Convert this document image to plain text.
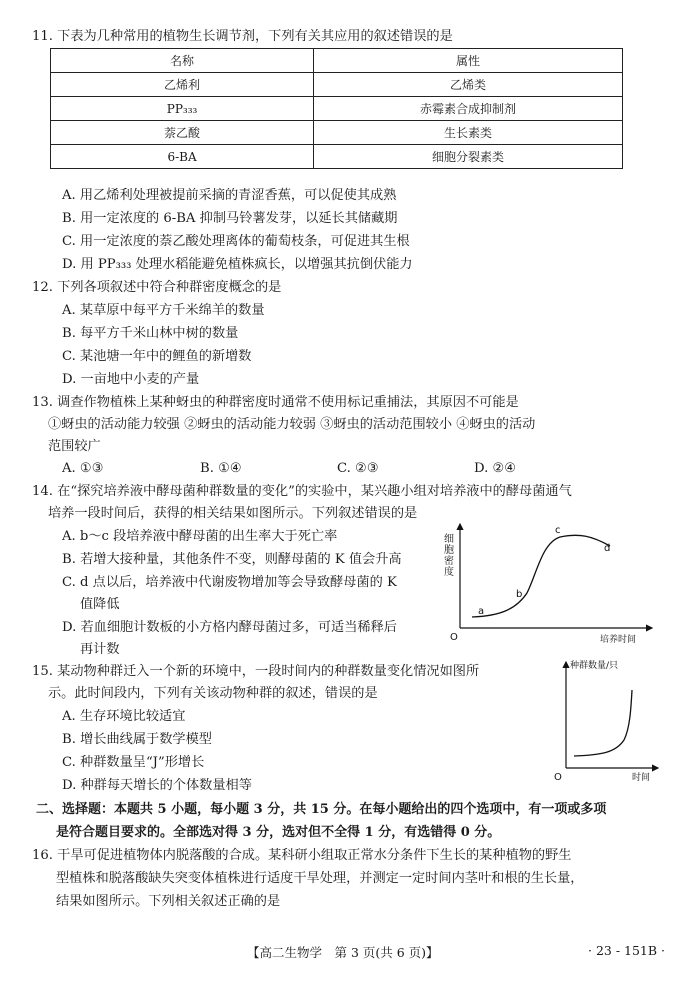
11. 下表为几种常用的植物生长调节剂，下列有关其应用的叙述错误的是
名称	属性
乙烯利	乙烯类
PP₃₃₃	赤霉素合成抑制剂
萘乙酸	生长素类
6-BA	细胞分裂素类
A. 用乙烯利处理被提前采摘的青涩香蕉，可以促使其成熟
B. 用一定浓度的 6-BA 抑制马铃薯发芽，以延长其储藏期
C. 用一定浓度的萘乙酸处理离体的葡萄枝条，可促进其生根
D. 用 PP₃₃₃ 处理水稻能避免植株疯长，以增强其抗倒伏能力
12. 下列各项叙述中符合种群密度概念的是
A. 某草原中每平方千米绵羊的数量
B. 每平方千米山林中树的数量
C. 某池塘一年中的鲤鱼的新增数
D. 一亩地中小麦的产量
13. 调查作物植株上某种蚜虫的种群密度时通常不使用标记重捕法，其原因不可能是
①蚜虫的活动能力较强 ②蚜虫的活动能力较弱 ③蚜虫的活动范围较小 ④蚜虫的活动
范围较广
A. ①③	B. ①④	C. ②③	D. ②④
14. 在“探究培养液中酵母菌种群数量的变化”的实验中，某兴趣小组对培养液中的酵母菌通气
培养一段时间后，获得的相关结果如图所示。下列叙述错误的是
A. b～c 段培养液中酵母菌的出生率大于死亡率
B. 若增大接种量，其他条件不变，则酵母菌的 K 值会升高
C. d 点以后，培养液中代谢废物增加等会导致酵母菌的 K
值降低
D. 若血细胞计数板的小方格内酵母菌过多，可适当稀释后
再计数
细 胞 密 度
O	培养时间
a
b
c
d
15. 某动物种群迁入一个新的环境中，一段时间内的种群数量变化情况如图所
示。此时间段内，下列有关该动物种群的叙述，错误的是
A. 生存环境比较适宜
B. 增长曲线属于数学模型
C. 种群数量呈“J”形增长
D. 种群每天增长的个体数量相等
种群数量/只
O	时间
二、选择题：本题共 5 小题，每小题 3 分，共 15 分。在每小题给出的四个选项中，有一项或多项
是符合题目要求的。全部选对得 3 分，选对但不全得 1 分，有选错得 0 分。
16. 干旱可促进植物体内脱落酸的合成。某科研小组取正常水分条件下生长的某种植物的野生
型植株和脱落酸缺失突变体植株进行适度干旱处理，并测定一定时间内茎叶和根的生长量，
结果如图所示。下列相关叙述正确的是
【高二生物学　第 3 页(共 6 页)】	· 23 - 151B ·
